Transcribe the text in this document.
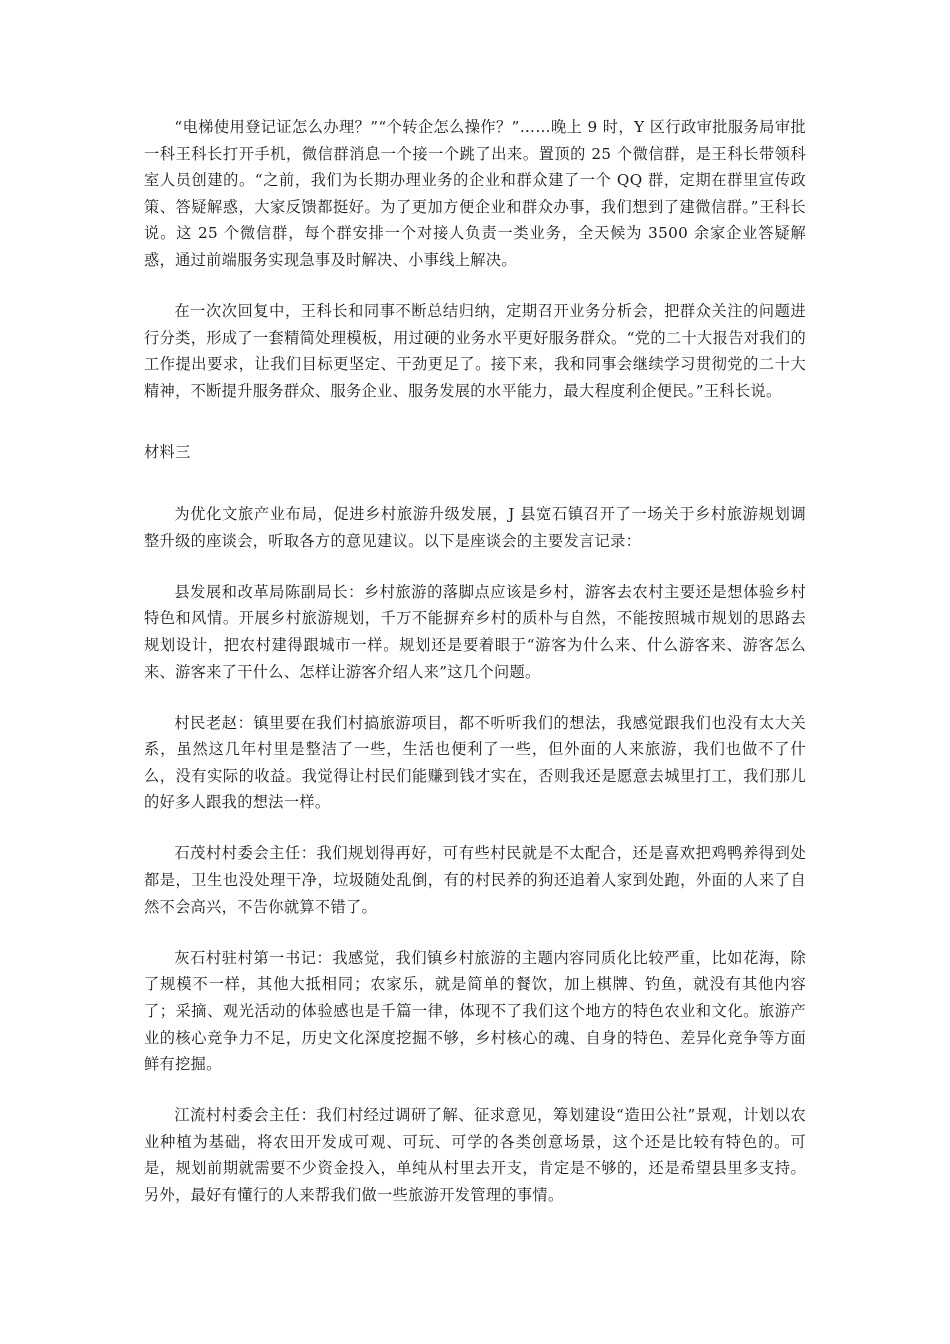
“电梯使用登记证怎么办理？”“个转企怎么操作？”……晚上 9 时，Y 区行政审批服务局审批一科王科长打开手机，微信群消息一个接一个跳了出来。置顶的 25 个微信群，是王科长带领科室人员创建的。“之前，我们为长期办理业务的企业和群众建了一个 QQ 群，定期在群里宣传政策、答疑解惑，大家反馈都挺好。为了更加方便企业和群众办事，我们想到了建微信群。”王科长说。这 25 个微信群，每个群安排一个对接人负责一类业务，全天候为 3500 余家企业答疑解惑，通过前端服务实现急事及时解决、小事线上解决。

在一次次回复中，王科长和同事不断总结归纳，定期召开业务分析会，把群众关注的问题进行分类，形成了一套精简处理模板，用过硬的业务水平更好服务群众。“党的二十大报告对我们的工作提出要求，让我们目标更坚定、干劲更足了。接下来，我和同事会继续学习贯彻党的二十大精神，不断提升服务群众、服务企业、服务发展的水平能力，最大程度利企便民。”王科长说。

材料三

为优化文旅产业布局，促进乡村旅游升级发展，J 县宽石镇召开了一场关于乡村旅游规划调整升级的座谈会，听取各方的意见建议。以下是座谈会的主要发言记录：

县发展和改革局陈副局长：乡村旅游的落脚点应该是乡村，游客去农村主要还是想体验乡村特色和风情。开展乡村旅游规划，千万不能摒弃乡村的质朴与自然，不能按照城市规划的思路去规划设计，把农村建得跟城市一样。规划还是要着眼于“游客为什么来、什么游客来、游客怎么来、游客来了干什么、怎样让游客介绍人来”这几个问题。

村民老赵：镇里要在我们村搞旅游项目，都不听听我们的想法，我感觉跟我们也没有太大关系，虽然这几年村里是整洁了一些，生活也便利了一些，但外面的人来旅游，我们也做不了什么，没有实际的收益。我觉得让村民们能赚到钱才实在，否则我还是愿意去城里打工，我们那儿的好多人跟我的想法一样。

石茂村村委会主任：我们规划得再好，可有些村民就是不太配合，还是喜欢把鸡鸭养得到处都是，卫生也没处理干净，垃圾随处乱倒，有的村民养的狗还追着人家到处跑，外面的人来了自然不会高兴，不告你就算不错了。

灰石村驻村第一书记：我感觉，我们镇乡村旅游的主题内容同质化比较严重，比如花海，除了规模不一样，其他大抵相同；农家乐，就是简单的餐饮，加上棋牌、钓鱼，就没有其他内容了；采摘、观光活动的体验感也是千篇一律，体现不了我们这个地方的特色农业和文化。旅游产业的核心竞争力不足，历史文化深度挖掘不够，乡村核心的魂、自身的特色、差异化竞争等方面鲜有挖掘。

江流村村委会主任：我们村经过调研了解、征求意见，筹划建设“造田公社”景观，计划以农业种植为基础，将农田开发成可观、可玩、可学的各类创意场景，这个还是比较有特色的。可是，规划前期就需要不少资金投入，单纯从村里去开支，肯定是不够的，还是希望县里多支持。另外，最好有懂行的人来帮我们做一些旅游开发管理的事情。
